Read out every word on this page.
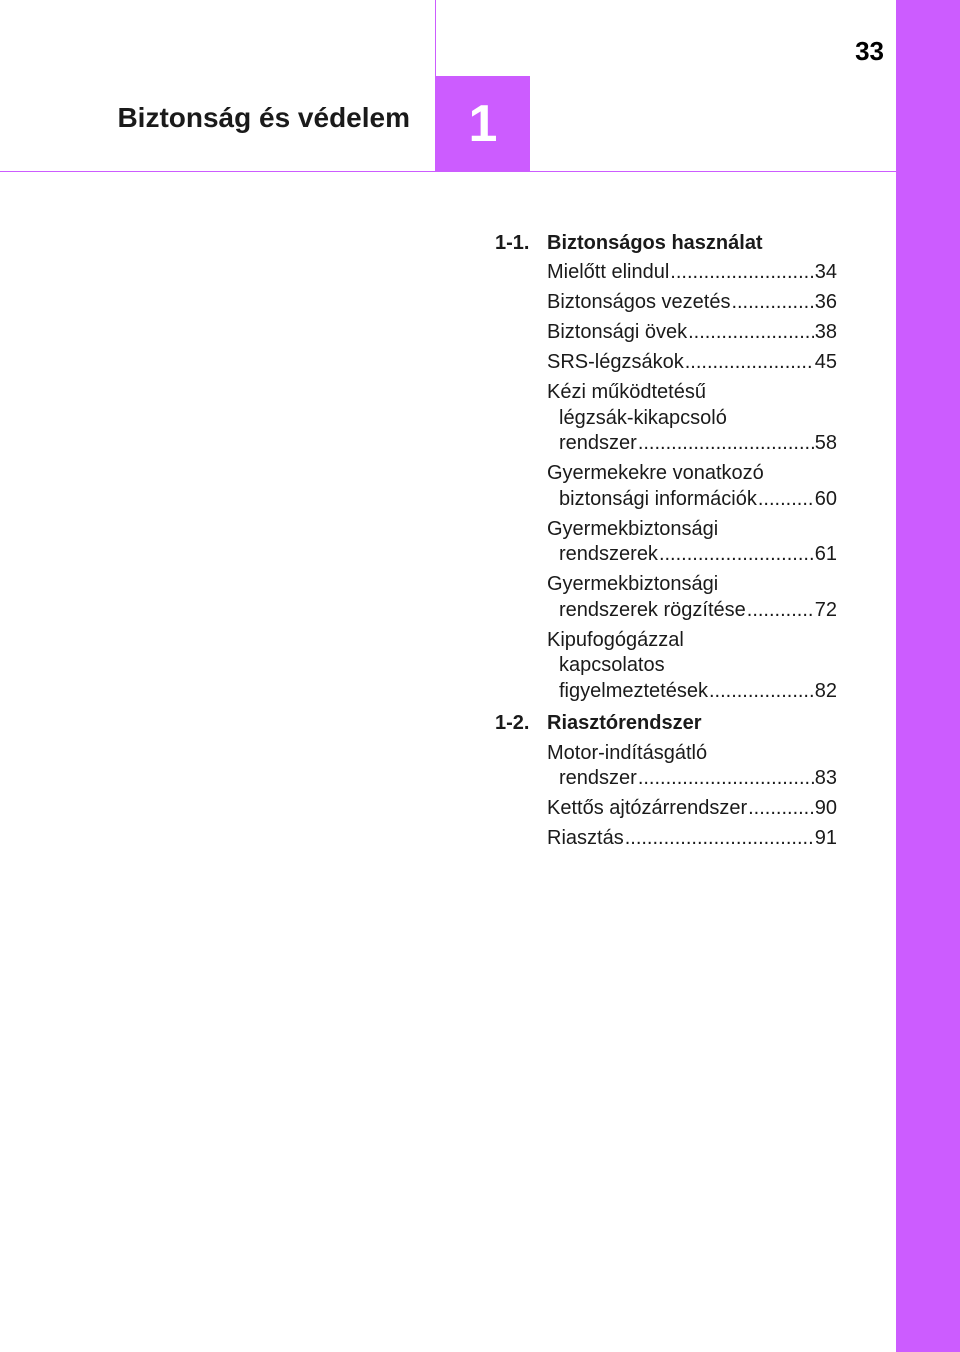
33
Biztonság és védelem 1
1-1. Biztonságos használat
Mielőtt elindul .....	34
Biztonságos vezetés .....	36
Biztonsági övek .....	38
SRS-légzsákok .....	45
Kézi működtetésű
légzsák-kikapcsoló
rendszer .....	58
Gyermekekre vonatkozó
biztonsági információk .....	60
Gyermekbiztonsági
rendszerek .....	61
Gyermekbiztonsági
rendszerek rögzítése .....	72
Kipufogógázzal
kapcsolatos
figyelmeztetések .....	82
1-2. Riasztórendszer
Motor-indításgátló
rendszer .....	83
Kettős ajtózárrendszer .....	90
Riasztás .....	91
